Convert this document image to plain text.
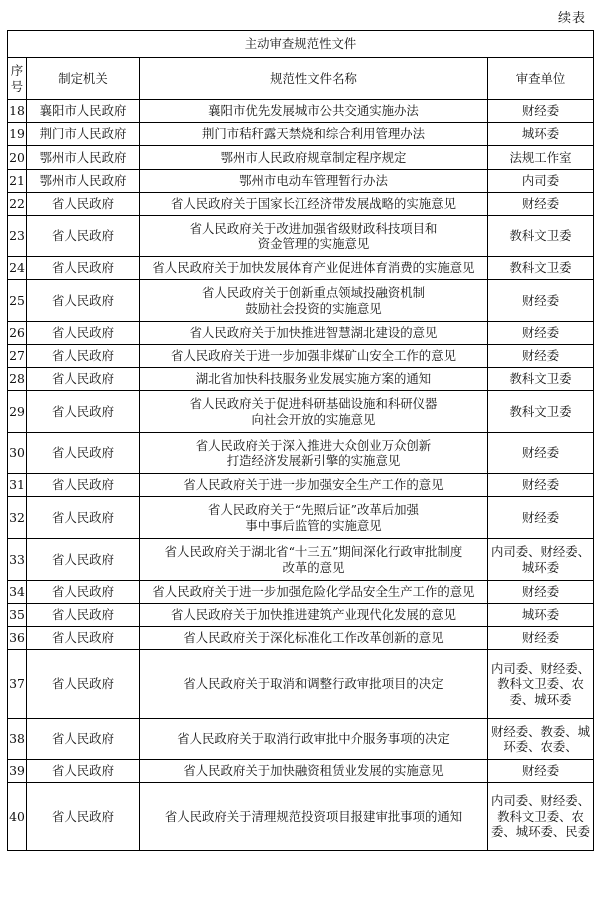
续表
主动审查规范性文件			

序
号	制定机关	规范性文件名称	审查单位

18	襄阳市人民政府	襄阳市优先发展城市公共交通实施办法	财经委

19	荆门市人民政府	荆门市秸秆露天禁烧和综合利用管理办法	城环委

20	鄂州市人民政府	鄂州市人民政府规章制定程序规定	法规工作室

21	鄂州市人民政府	鄂州市电动车管理暂行办法	内司委

22	省人民政府	省人民政府关于国家长江经济带发展战略的实施意见	财经委

23	省人民政府	省人民政府关于改进加强省级财政科技项目和
资金管理的实施意见	教科文卫委

24	省人民政府	省人民政府关于加快发展体育产业促进体育消费的实施意见	教科文卫委

25	省人民政府	省人民政府关于创新重点领域投融资机制
鼓励社会投资的实施意见	财经委

26	省人民政府	省人民政府关于加快推进智慧湖北建设的意见	财经委

27	省人民政府	省人民政府关于进一步加强非煤矿山安全工作的意见	财经委

28	省人民政府	湖北省加快科技服务业发展实施方案的通知	教科文卫委

29	省人民政府	省人民政府关于促进科研基础设施和科研仪器
向社会开放的实施意见	教科文卫委

30	省人民政府	省人民政府关于深入推进大众创业万众创新
打造经济发展新引擎的实施意见	财经委

31	省人民政府	省人民政府关于进一步加强安全生产工作的意见	财经委

32	省人民政府	省人民政府关于“先照后证”改革后加强
事中事后监管的实施意见	财经委

33	省人民政府	省人民政府关于湖北省“十三五”期间深化行政审批制度
改革的意见	内司委、财经委、
城环委

34	省人民政府	省人民政府关于进一步加强危险化学品安全生产工作的意见	财经委

35	省人民政府	省人民政府关于加快推进建筑产业现代化发展的意见	城环委

36	省人民政府	省人民政府关于深化标准化工作改革创新的意见	财经委

37	省人民政府	省人民政府关于取消和调整行政审批项目的决定	内司委、财经委、
教科文卫委、农
委、城环委

38	省人民政府	省人民政府关于取消行政审批中介服务事项的决定	财经委、教委、城
环委、农委、

39	省人民政府	省人民政府关于加快融资租赁业发展的实施意见	财经委

40	省人民政府	省人民政府关于清理规范投资项目报建审批事项的通知	内司委、财经委、
教科文卫委、农
委、城环委、民委
